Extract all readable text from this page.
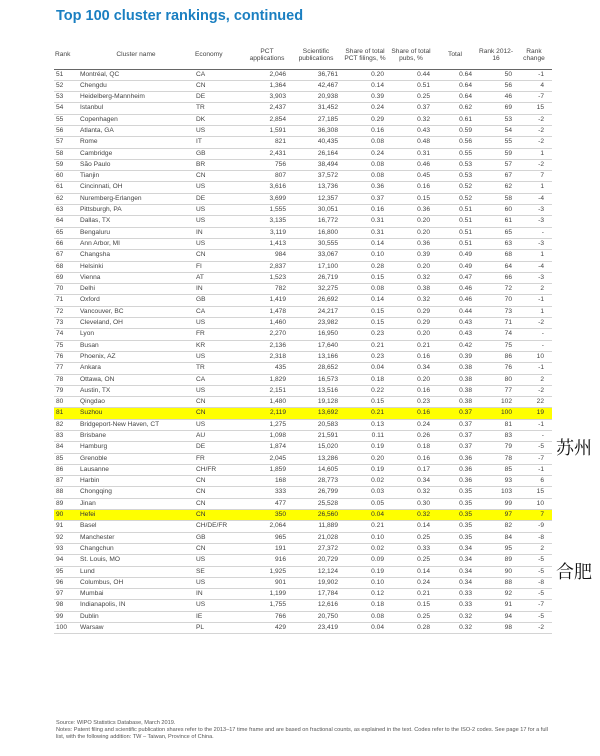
Top 100 cluster rankings, continued
Rank	Cluster name	Economy	PCT applications	Scientific publications	Share of total PCT filings, %	Share of total pubs, %	Total	Rank 2012-16	Rank change
51	Montréal, QC	CA	2,046	36,761	0.20	0.44	0.64	50	-1
52	Chengdu	CN	1,364	42,467	0.14	0.51	0.64	56	4
53	Heidelberg-Mannheim	DE	3,903	20,938	0.39	0.25	0.64	46	-7
54	Istanbul	TR	2,437	31,452	0.24	0.37	0.62	69	15
55	Copenhagen	DK	2,854	27,185	0.29	0.32	0.61	53	-2
56	Atlanta, GA	US	1,591	36,308	0.16	0.43	0.59	54	-2
57	Rome	IT	821	40,435	0.08	0.48	0.56	55	-2
58	Cambridge	GB	2,431	26,164	0.24	0.31	0.55	59	1
59	São Paulo	BR	756	38,494	0.08	0.46	0.53	57	-2
60	Tianjin	CN	807	37,572	0.08	0.45	0.53	67	7
61	Cincinnati, OH	US	3,616	13,736	0.36	0.16	0.52	62	1
62	Nuremberg-Erlangen	DE	3,699	12,357	0.37	0.15	0.52	58	-4
63	Pittsburgh, PA	US	1,555	30,051	0.16	0.36	0.51	60	-3
64	Dallas, TX	US	3,135	16,772	0.31	0.20	0.51	61	-3
65	Bengaluru	IN	3,119	16,800	0.31	0.20	0.51	65	-
66	Ann Arbor, MI	US	1,413	30,555	0.14	0.36	0.51	63	-3
67	Changsha	CN	984	33,067	0.10	0.39	0.49	68	1
68	Helsinki	FI	2,837	17,100	0.28	0.20	0.49	64	-4
69	Vienna	AT	1,523	26,719	0.15	0.32	0.47	66	-3
70	Delhi	IN	782	32,275	0.08	0.38	0.46	72	2
71	Oxford	GB	1,419	26,692	0.14	0.32	0.46	70	-1
72	Vancouver, BC	CA	1,478	24,217	0.15	0.29	0.44	73	1
73	Cleveland, OH	US	1,460	23,982	0.15	0.29	0.43	71	-2
74	Lyon	FR	2,270	16,950	0.23	0.20	0.43	74	-
75	Busan	KR	2,136	17,640	0.21	0.21	0.42	75	-
76	Phoenix, AZ	US	2,318	13,166	0.23	0.16	0.39	86	10
77	Ankara	TR	435	28,652	0.04	0.34	0.38	76	-1
78	Ottawa, ON	CA	1,829	16,573	0.18	0.20	0.38	80	2
79	Austin, TX	US	2,151	13,516	0.22	0.16	0.38	77	-2
80	Qingdao	CN	1,480	19,128	0.15	0.23	0.38	102	22
81	Suzhou	CN	2,119	13,692	0.21	0.16	0.37	100	19
82	Bridgeport-New Haven, CT	US	1,275	20,583	0.13	0.24	0.37	81	-1
83	Brisbane	AU	1,098	21,591	0.11	0.26	0.37	83	-
84	Hamburg	DE	1,874	15,020	0.19	0.18	0.37	79	-5
85	Grenoble	FR	2,045	13,286	0.20	0.16	0.36	78	-7
86	Lausanne	CH/FR	1,859	14,605	0.19	0.17	0.36	85	-1
87	Harbin	CN	168	28,773	0.02	0.34	0.36	93	6
88	Chongqing	CN	333	26,799	0.03	0.32	0.35	103	15
89	Jinan	CN	477	25,528	0.05	0.30	0.35	99	10
90	Hefei	CN	350	26,560	0.04	0.32	0.35	97	7
91	Basel	CH/DE/FR	2,064	11,889	0.21	0.14	0.35	82	-9
92	Manchester	GB	965	21,028	0.10	0.25	0.35	84	-8
93	Changchun	CN	191	27,372	0.02	0.33	0.34	95	2
94	St. Louis, MO	US	916	20,729	0.09	0.25	0.34	89	-5
95	Lund	SE	1,925	12,124	0.19	0.14	0.34	90	-5
96	Columbus, OH	US	901	19,902	0.10	0.24	0.34	88	-8
97	Mumbai	IN	1,199	17,784	0.12	0.21	0.33	92	-5
98	Indianapolis, IN	US	1,755	12,616	0.18	0.15	0.33	91	-7
99	Dublin	IE	766	20,750	0.08	0.25	0.32	94	-5
100	Warsaw	PL	429	23,419	0.04	0.28	0.32	98	-2
苏州
合肥
Source: WIPO Statistics Database, March 2019.
Notes: Patent filing and scientific publication shares refer to the 2013–17 time frame and are based on fractional counts, as explained in the text. Codes refer to the ISO-2 codes. See page 17 for a full list, with the following addition: TW – Taiwan, Province of China.
